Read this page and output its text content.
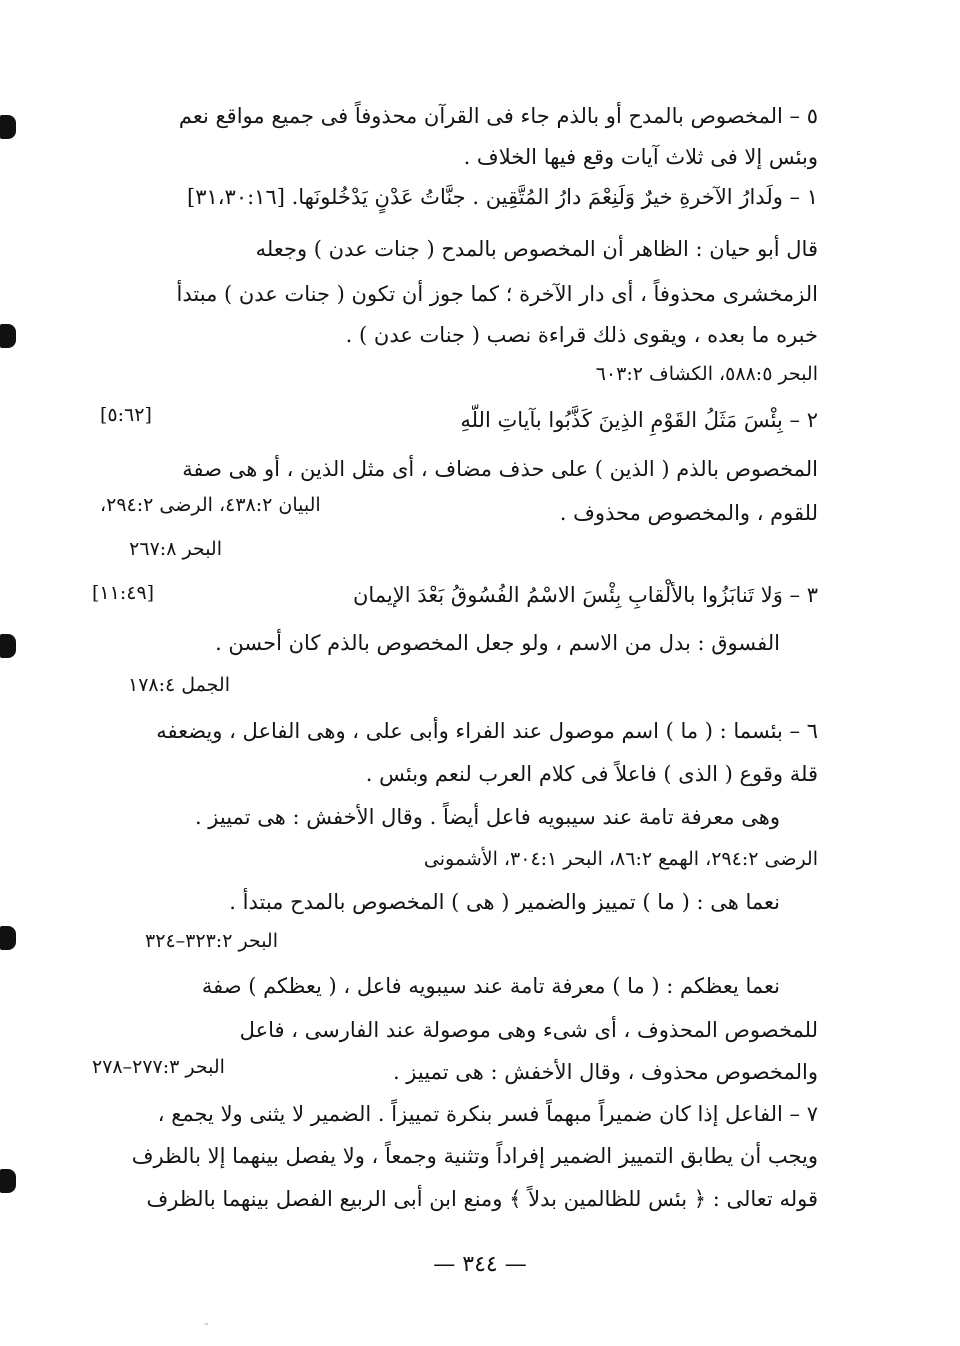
٥ – المخصوص بالمدح أو بالذم جاء فى القرآن محذوفاً فى جميع مواقع نعم
وبئس إلا فى ثلاث آيات وقع فيها الخلاف .
١ – ولَدارُ الآخرةِ خيرٌ وَلَنِعْمَ دارُ المُتَّقِين . جنَّاتُ عَدْنٍ يَدْخُلونَها. [٣١،٣٠:١٦]
قال أبو حيان : الظاهر أن المخصوص بالمدح ( جنات عدن ) وجعله
الزمخشرى محذوفاً ، أى دار الآخرة ؛ كما جوز أن تكون ( جنات عدن ) مبتدأ
خبره ما بعده ، ويقوى ذلك قراءة نصب ( جنات عدن ) .
البحر ٥٨٨:٥، الكشاف ٦٠٣:٢
٢ – بِئْسَ مَثَلُ القَوْمِ الذِينَ كَذَّبُوا بآياتِ اللّهِ
[٥:٦٢]
المخصوص بالذم ( الذين ) على حذف مضاف ، أى مثل الذين ، أو هى صفة
للقوم ، والمخصوص محذوف .
البيان ٤٣٨:٢، الرضى ٢٩٤:٢،
البحر ٢٦٧:٨
٣ – وَلا تَنابَزُوا بالألْقابِ بِئْسَ الاسْمُ الفُسُوقُ بَعْدَ الإيمان
[١١:٤٩]
الفسوق : بدل من الاسم ، ولو جعل المخصوص بالذم كان أحسن .
الجمل ١٧٨:٤
٦ – بئسما : ( ما ) اسم موصول عند الفراء وأبى على ، وهى الفاعل ، ويضعفه
قلة وقوع ( الذى ) فاعلاً فى كلام العرب لنعم وبئس .
وهى معرفة تامة عند سيبويه فاعل أيضاً . وقال الأخفش : هى تمييز .
الرضى ٢٩٤:٢، الهمع ٨٦:٢، البحر ٣٠٤:١، الأشمونى
نعما هى : ( ما ) تمييز والضمير ( هى ) المخصوص بالمدح مبتدأ .
البحر ٣٢٣:٢–٣٢٤
نعما يعظكم : ( ما ) معرفة تامة عند سيبويه فاعل ، ( يعظكم ) صفة
للمخصوص المحذوف ، أى شىء وهى موصولة عند الفارسى ، فاعل
والمخصوص محذوف ، وقال الأخفش : هى تمييز .
البحر ٢٧٧:٣–٢٧٨
٧ – الفاعل إذا كان ضميراً مبهماً فسر بنكرة تمييزاً . الضمير لا يثنى ولا يجمع ،
ويجب أن يطابق التمييز الضمير إفراداً وتثنية وجمعاً ، ولا يفصل بينهما إلا بالظرف
قوله تعالى : ﴿ بئس للظالمين بدلاً ﴾ ومنع ابن أبى الربيع الفصل بينهما بالظرف
— ٣٤٤ —
ᵕ
